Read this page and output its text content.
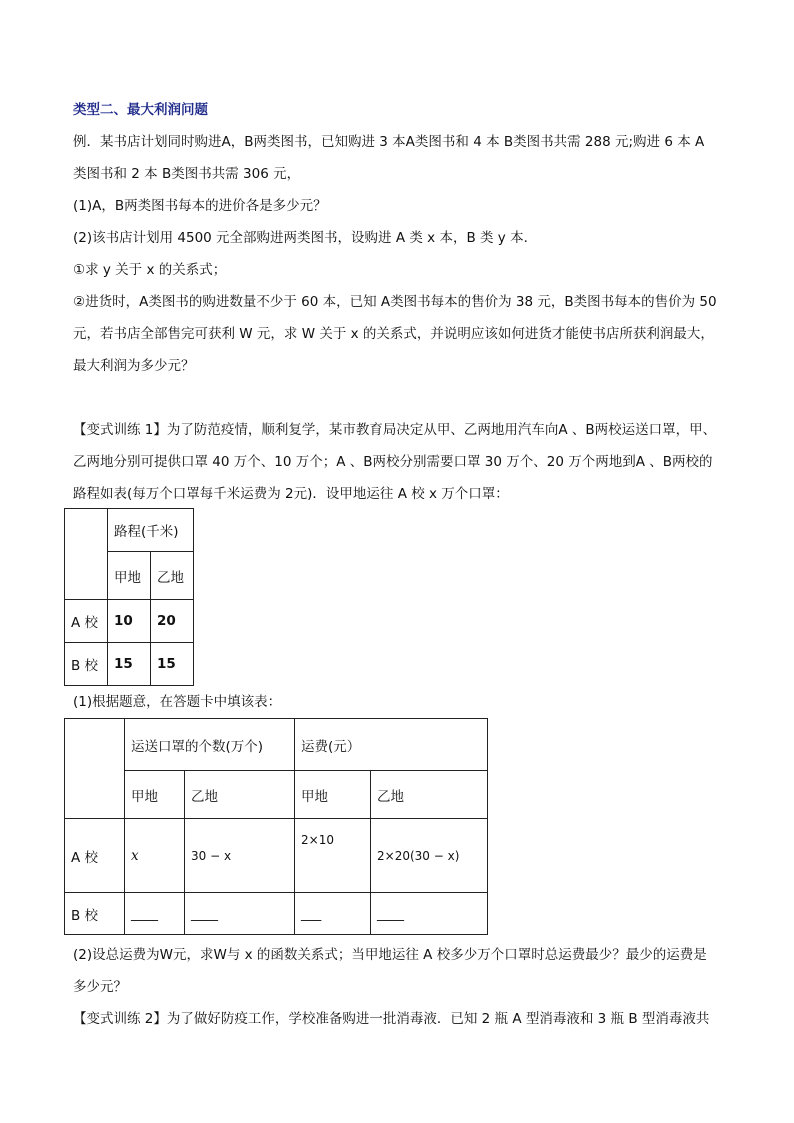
类型二、最大利润问题
例．某书店计划同时购进A，B两类图书，已知购进 3 本A类图书和 4 本 B类图书共需 288 元;购进 6 本 A
类图书和 2 本 B类图书共需 306 元，
(1)A，B两类图书每本的进价各是多少元？
(2)该书店计划用 4500 元全部购进两类图书，设购进 A 类 x 本，B 类 y 本．
①求 y 关于 x 的关系式；
②进货时，A类图书的购进数量不少于 60 本，已知 A类图书每本的售价为 38 元，B类图书每本的售价为 50
元，若书店全部售完可获利 W 元，求 W 关于 x 的关系式，并说明应该如何进货才能使书店所获利润最大，
最大利润为多少元？
【变式训练 1】为了防范疫情，顺利复学，某市教育局决定从甲、乙两地用汽车向A 、B两校运送口罩，甲、
乙两地分别可提供口罩 40 万个、10 万个；A 、B两校分别需要口罩 30 万个、20 万个两地到A 、B两校的
路程如表(每万个口罩每千米运费为 2元)．设甲地运往 A 校 x 万个口罩：
	路程(千米)	
	甲地	乙地
A 校	10	20
B 校	15	15
(1)根据题意，在答题卡中填该表：
	运送口罩的个数(万个)		运费(元）	
	甲地	乙地	甲地	乙地
A 校	x	30 − x	2×10	2×20(30 − x)
B 校	____	____	___	____
(2)设总运费为W元，求W与 x 的函数关系式；当甲地运往 A 校多少万个口罩时总运费最少？最少的运费是
多少元？
【变式训练 2】为了做好防疫工作，学校准备购进一批消毒液．已知 2 瓶 A 型消毒液和 3 瓶 B 型消毒液共
